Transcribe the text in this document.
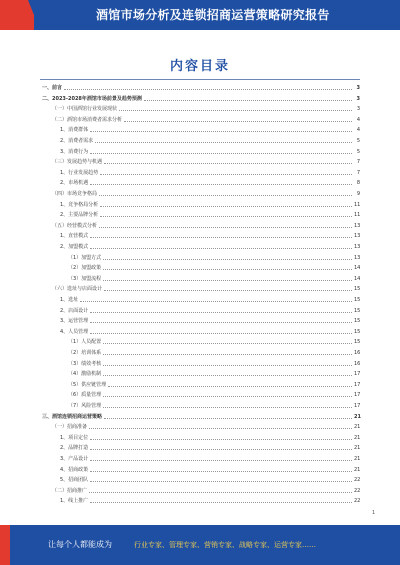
酒馆市场分析及连锁招商运营策略研究报告
内容目录
一、前言	3
二、2023-2028年酒馆市场前景及趋势预测	3
（一）中国酒馆行业发展现状	3
（二）酒馆市场消费者需求分析	4
1、消费群体	4
2、消费者需求	5
3、消费行为	5
（三）发展趋势与机遇	7
1、行业发展趋势	7
2、市场机遇	8
（四）市场竞争格局	9
1、竞争格局分析	11
2、主要品牌分析	11
（五）经营模式分析	13
1、直营模式	13
2、加盟模式	13
（1）加盟方式	13
（2）加盟政策	14
（3）加盟流程	14
（六）选址与店面设计	15
1、选址	15
2、店面设计	15
3、运营管理	15
4、人员管理	15
（1）人员配置	15
（2）培训体系	16
（3）绩效考核	16
（4）激励机制	17
（5）供应链管理	17
（6）质量管理	17
（7）风险管理	17
三、酒馆连锁招商运营策略	21
（一）招商准备	21
1、项目定位	21
2、品牌打造	21
3、产品设计	21
4、招商政策	21
5、招商团队	22
（二）招商推广	22
1、线上推广	22
1
让每个人都能成为	行业专家、管理专家、营销专家、战略专家、运营专家……
